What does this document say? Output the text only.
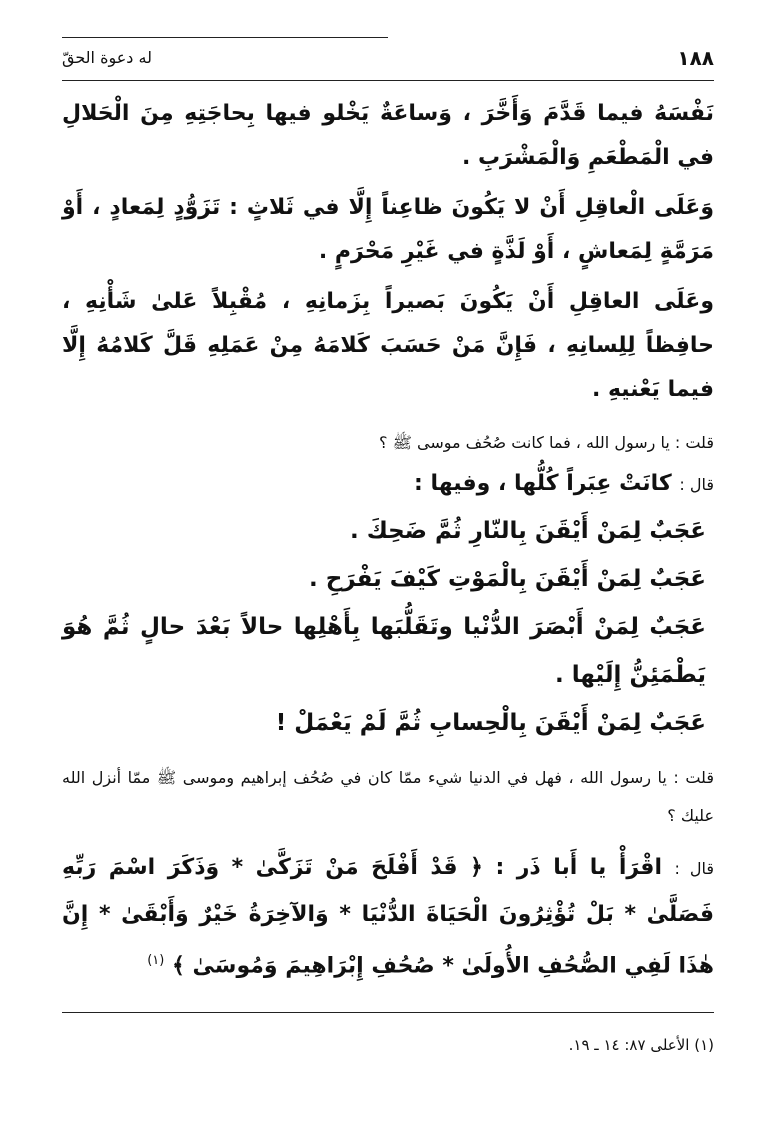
له دعوة الحقّ	١٨٨

نَفْسَهُ فيما قَدَّمَ وَأَخَّرَ ، وَساعَةٌ يَخْلو فيها بِحاجَتِهِ مِنَ الْحَلالِ في الْمَطْعَمِ وَالْمَشْرَبِ .

وَعَلَى الْعاقِلِ أَنْ لا يَكُونَ ظاعِناً إِلَّا في ثَلاثٍ : تَزَوُّدٍ لِمَعادٍ ، أَوْ مَرَمَّةٍ لِمَعاشٍ ، أَوْ لَذَّةٍ في غَيْرِ مَحْرَمٍ .

وعَلَى العاقِلِ أَنْ يَكُونَ بَصيراً بِزَمانِهِ ، مُقْبِلاً عَلىٰ شَأْنِهِ ، حافِظاً لِلِسانِهِ ، فَإِنَّ مَنْ حَسَبَ كَلامَهُ مِنْ عَمَلِهِ قَلَّ كَلامُهُ إِلَّا فيما يَعْنيهِ .

قلت : يا رسول الله ، فما كانت صُحُف موسى ﷺ ؟

قال : كانَتْ عِبَراً كُلُّها ، وفيها :

عَجَبٌ لِمَنْ أَيْقَنَ بِالنّارِ ثُمَّ ضَحِكَ .

عَجَبٌ لِمَنْ أَيْقَنَ بِالْمَوْتِ كَيْفَ يَفْرَحِ .

عَجَبٌ لِمَنْ أَبْصَرَ الدُّنْيا وتَقَلُّبَها بِأَهْلِها حالاً بَعْدَ حالٍ ثُمَّ هُوَ يَطْمَئِنُّ إِلَيْها .

عَجَبٌ لِمَنْ أَيْقَنَ بِالْحِسابِ ثُمَّ لَمْ يَعْمَلْ !

قلت : يا رسول الله ، فهل في الدنيا شيء ممّا كان في صُحُف إبراهيم وموسى ﷺ ممّا أنزل الله عليك ؟

قال : اقْرَأْ يا أَبا ذَر : ﴿ قَدْ أَفْلَحَ مَنْ تَزَكَّىٰ * وَذَكَرَ اسْمَ رَبِّهِ فَصَلَّىٰ * بَلْ تُؤْثِرُونَ الْحَيَاةَ الدُّنْيَا * وَالآخِرَةُ خَيْرٌ وَأَبْقَىٰ * إِنَّ هٰذَا لَفِي الصُّحُفِ الأُولَىٰ * صُحُفِ إِبْرَاهِيمَ وَمُوسَىٰ ﴾ $^{(١)}$

(١) الأعلى ٨٧: ١٤ ـ ١٩.
